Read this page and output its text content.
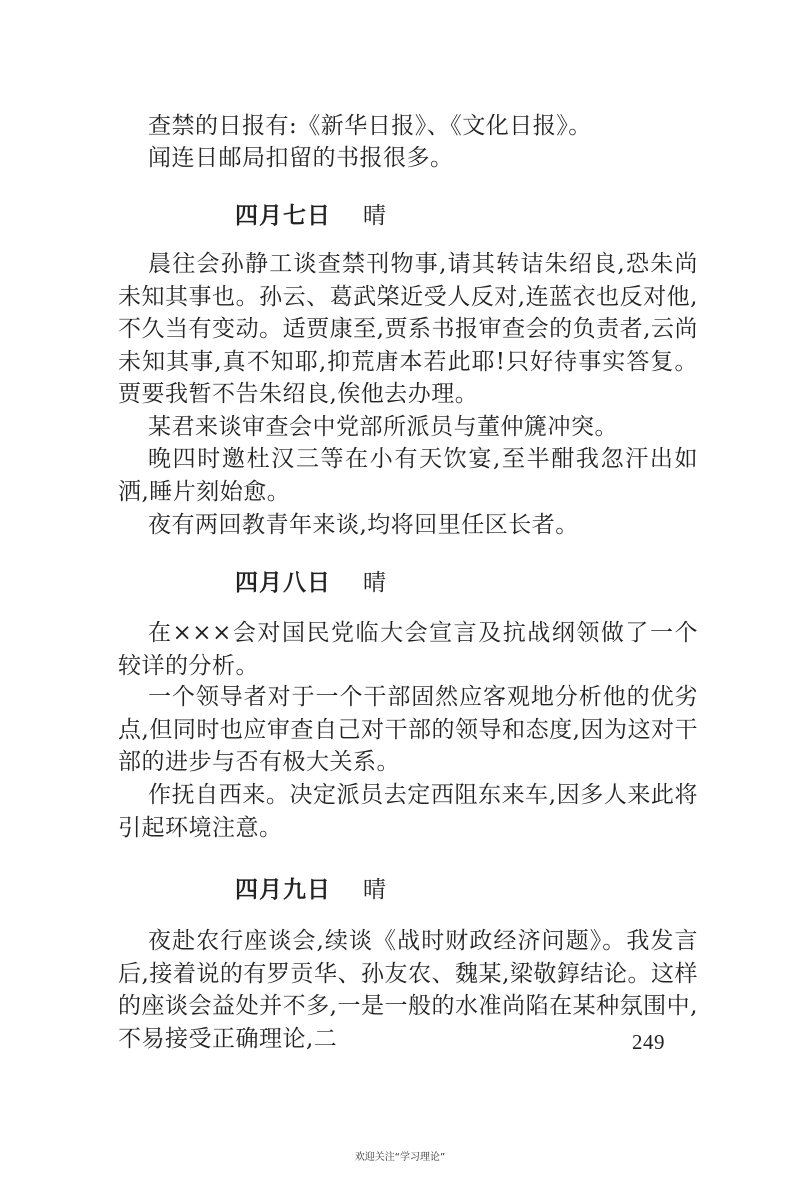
查禁的日报有:《新华日报》、《文化日报》。

闻连日邮局扣留的书报很多。

四月七日 晴

晨往会孙静工谈查禁刊物事,请其转诘朱绍良,恐朱尚未知其事也。孙云、葛武棨近受人反对,连蓝衣也反对他,不久当有变动。适贾康至,贾系书报审查会的负责者,云尚未知其事,真不知耶,抑荒唐本若此耶!只好待事实答复。贾要我暂不告朱绍良,俟他去办理。

某君来谈审查会中党部所派员与董仲篪冲突。

晚四时邀杜汉三等在小有天饮宴,至半酣我忽汗出如洒,睡片刻始愈。

夜有两回教青年来谈,均将回里任区长者。

四月八日 晴

在×××会对国民党临大会宣言及抗战纲领做了一个较详的分析。

一个领导者对于一个干部固然应客观地分析他的优劣点,但同时也应审查自己对干部的领导和态度,因为这对干部的进步与否有极大关系。

作抚自西来。决定派员去定西阻东来车,因多人来此将引起环境注意。

四月九日 晴

夜赴农行座谈会,续谈《战时财政经济问题》。我发言后,接着说的有罗贡华、孙友农、魏某,梁敬錞结论。这样的座谈会益处并不多,一是一般的水准尚陷在某种氛围中,不易接受正确理论,二	249
欢迎关注“学习理论”
